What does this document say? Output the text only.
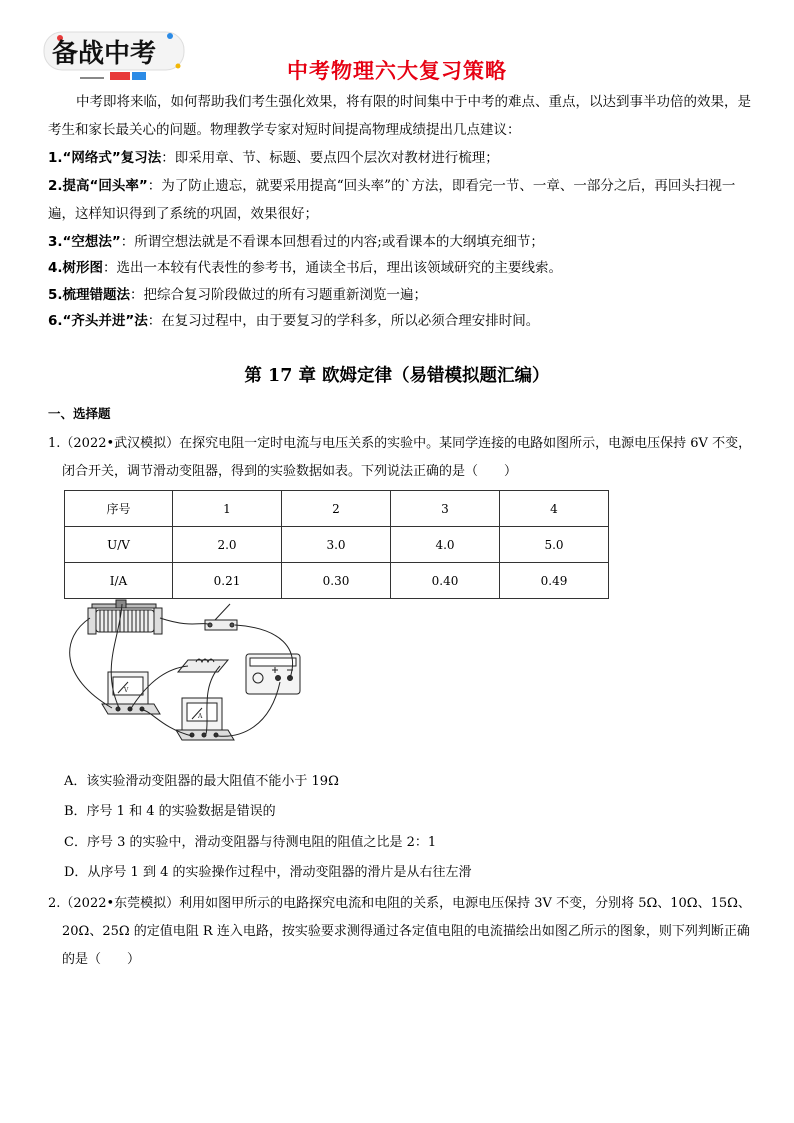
备战中考
中考物理六大复习策略
中考即将来临，如何帮助我们考生强化效果，将有限的时间集中于中考的难点、重点，以达到事半功倍的效果，是考生和家长最关心的问题。物理教学专家对短时间提高物理成绩提出几点建议：
1.“网络式”复习法：即采用章、节、标题、要点四个层次对教材进行梳理；
2.提高“回头率”：为了防止遗忘，就要采用提高“回头率”的`方法，即看完一节、一章、一部分之后，再回头扫视一遍，这样知识得到了系统的巩固，效果很好；
3.“空想法”：所谓空想法就是不看课本回想看过的内容;或看课本的大纲填充细节；
4.树形图：选出一本较有代表性的参考书，通读全书后，理出该领域研究的主要线索。
5.梳理错题法：把综合复习阶段做过的所有习题重新浏览一遍；
6.“齐头并进”法：在复习过程中，由于要复习的学科多，所以必须合理安排时间。
第 17 章 欧姆定律（易错模拟题汇编）
一、选择题
1.（2022•武汉模拟）在探究电阻一定时电流与电压关系的实验中。某同学连接的电路如图所示，电源电压保持 6V 不变，闭合开关，调节滑动变阻器，得到的实验数据如表。下列说法正确的是（　　）
序号	1	2	3	4
U/V	2.0	3.0	4.0	5.0
I/A	0.21	0.30	0.40	0.49
V
A
A．该实验滑动变阻器的最大阻值不能小于 19Ω
B．序号 1 和 4 的实验数据是错误的
C．序号 3 的实验中，滑动变阻器与待测电阻的阻值之比是 2：1
D．从序号 1 到 4 的实验操作过程中，滑动变阻器的滑片是从右往左滑
2.（2022•东莞模拟）利用如图甲所示的电路探究电流和电阻的关系，电源电压保持 3V 不变，分别将 5Ω、10Ω、15Ω、20Ω、25Ω 的定值电阻 R 连入电路，按实验要求测得通过各定值电阻的电流描绘出如图乙所示的图象，则下列判断正确的是（　　）
